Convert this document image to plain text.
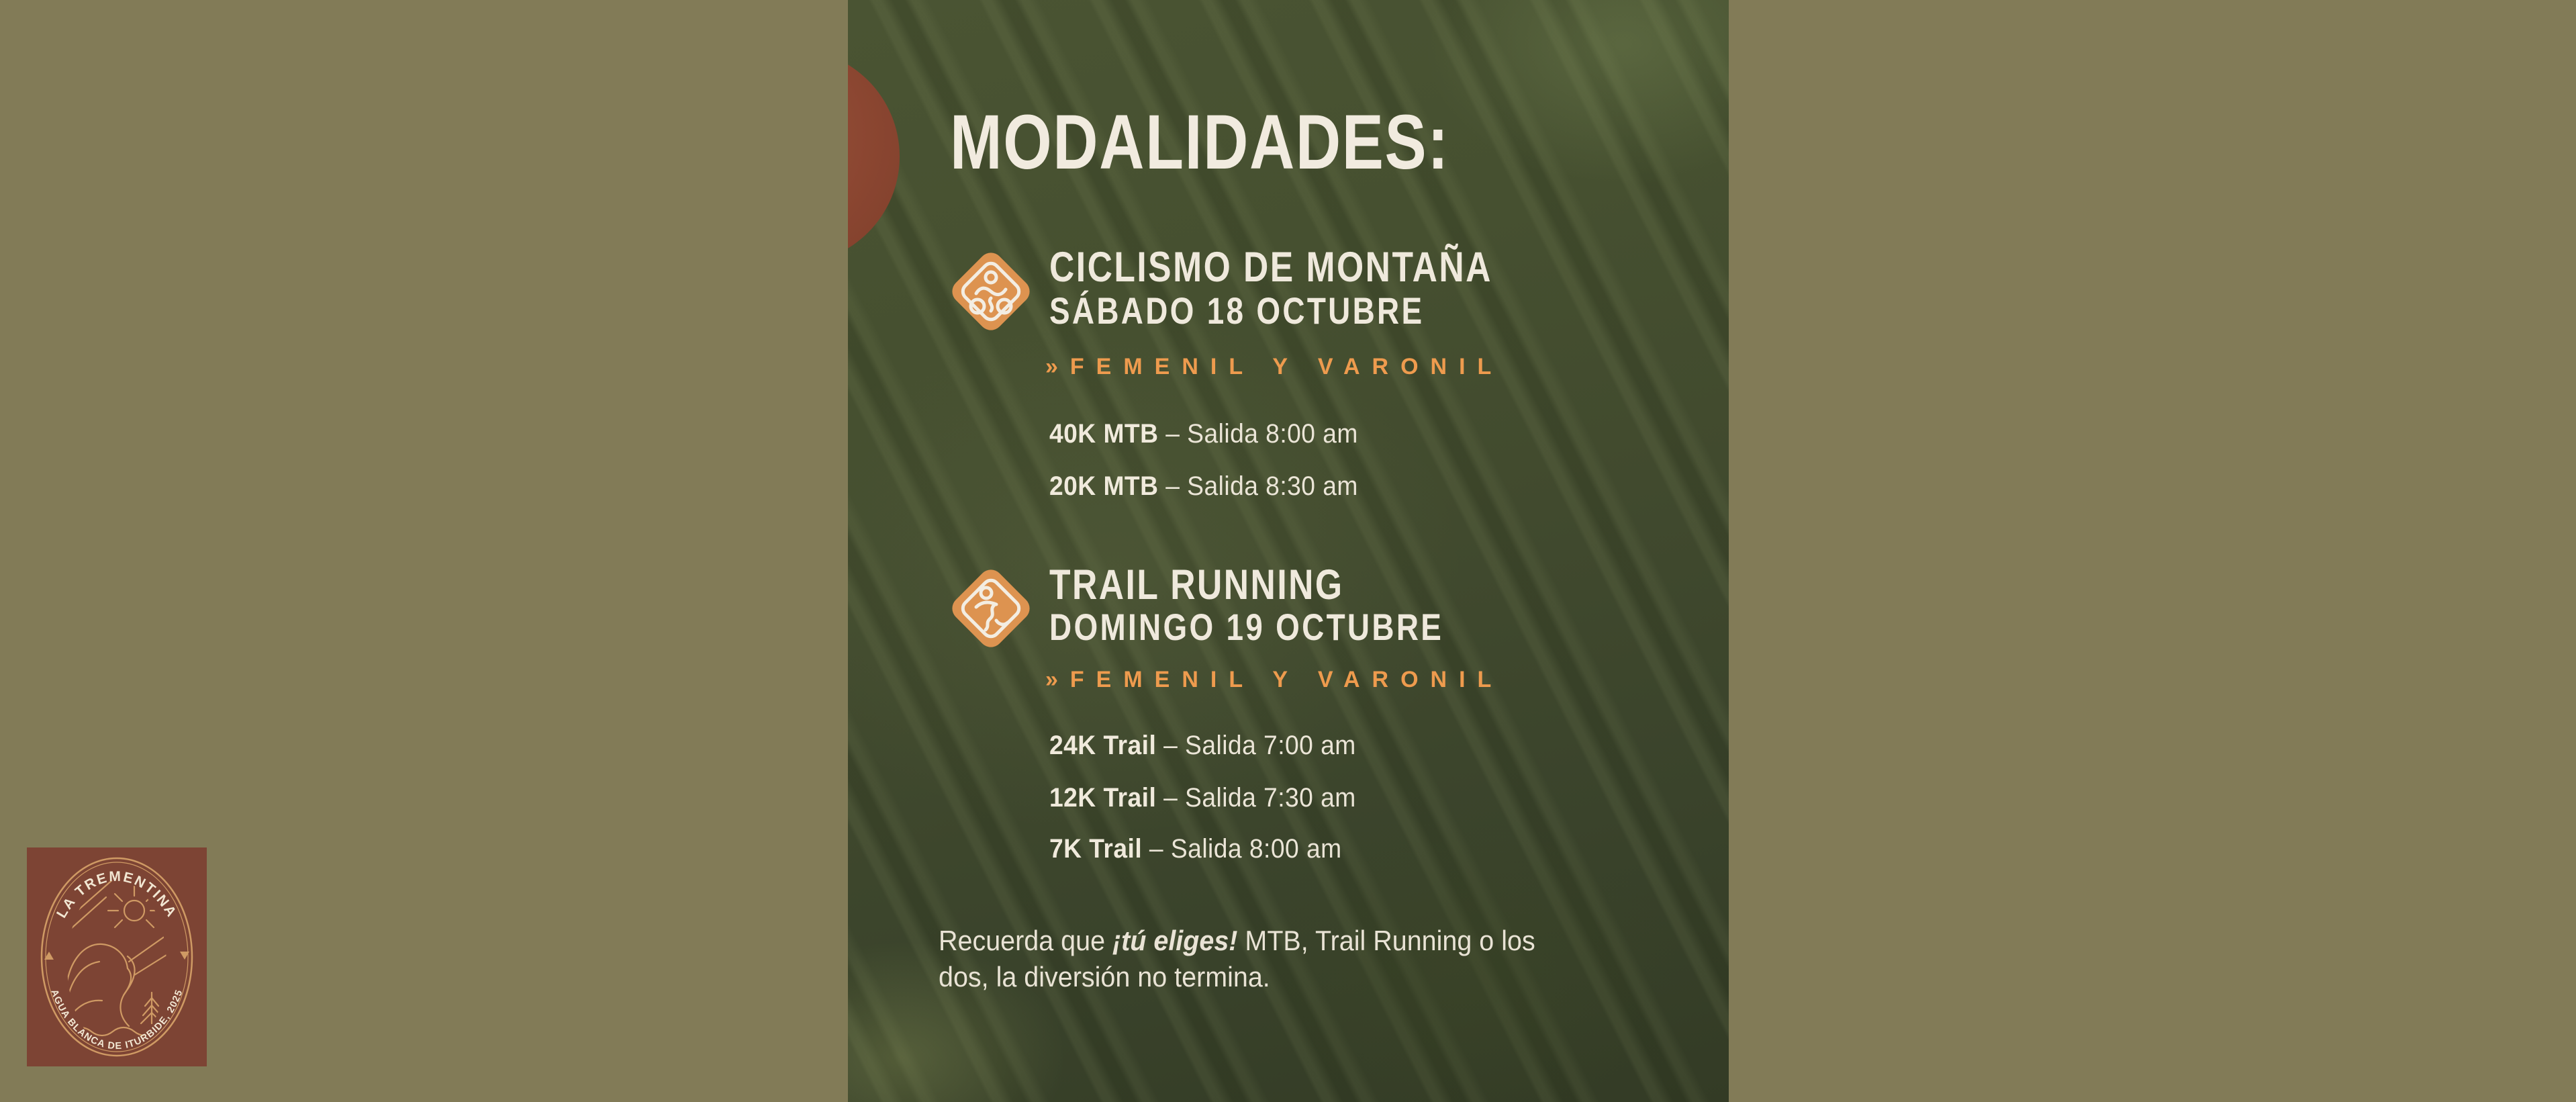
MODALIDADES:
CICLISMO DE MONTAÑA
SÁBADO 18 OCTUBRE
»FEMENIL Y VARONIL
40K MTB – Salida 8:00 am
20K MTB – Salida 8:30 am
TRAIL RUNNING
DOMINGO 19 OCTUBRE
»FEMENIL Y VARONIL
24K Trail – Salida 7:00 am
12K Trail – Salida 7:30 am
7K Trail – Salida 8:00 am
Recuerda que ¡tú eliges! MTB, Trail Running o los
dos, la diversión no termina.
LA TREMENTINA
AGUA BLANCA DE ITURBIDE, 2025
